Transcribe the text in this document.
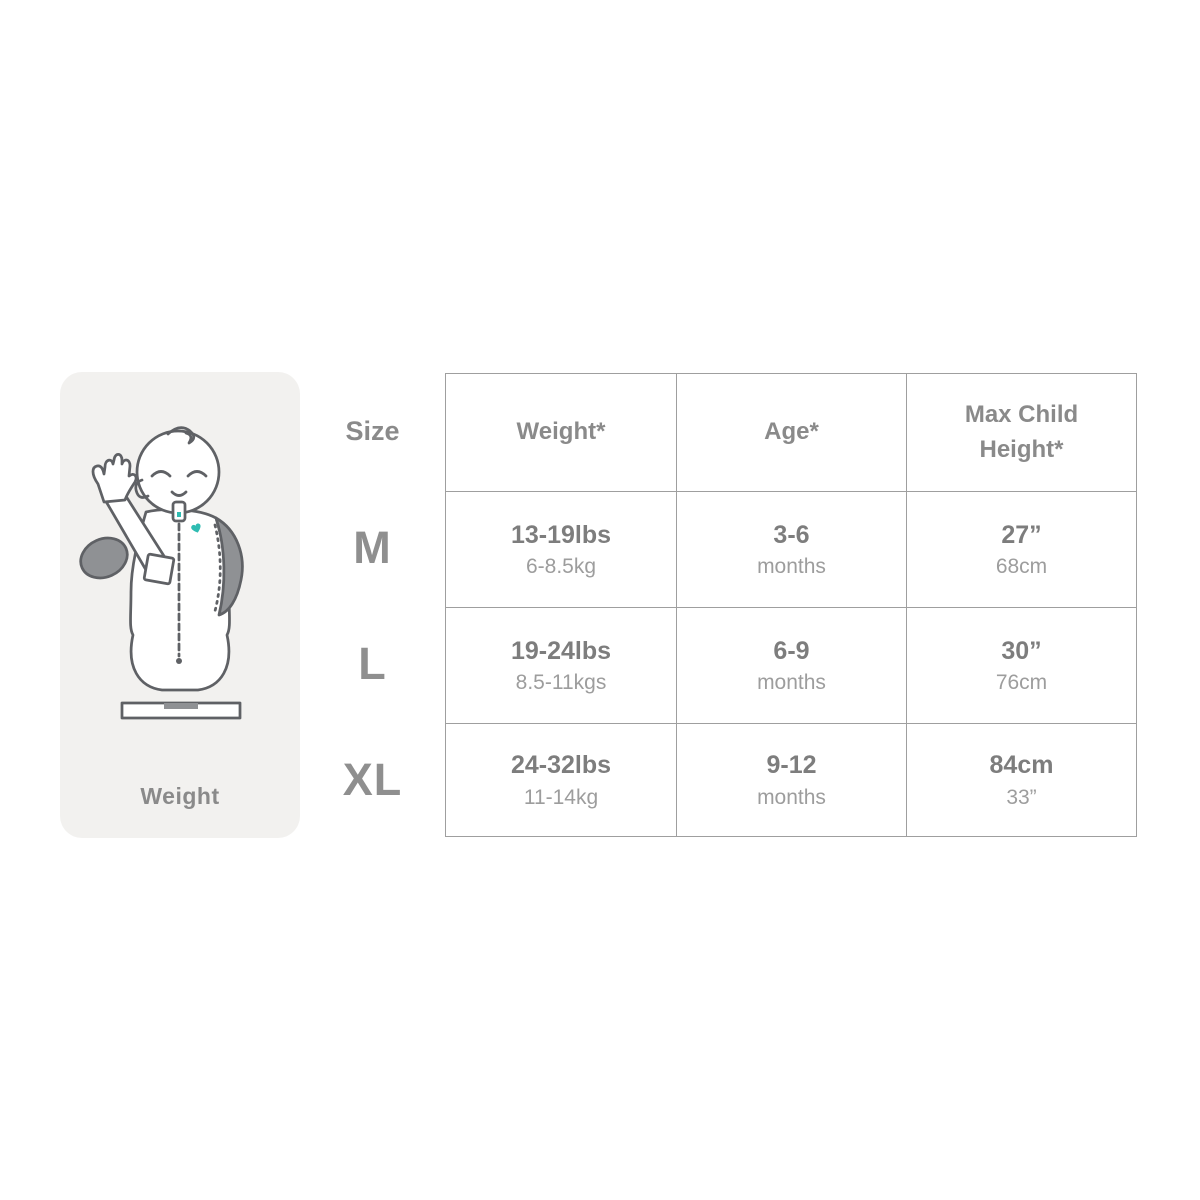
Weight
Size
M
L
XL
Weight*	Age*
Max Child Height*
13-19lbs
6-8.5kg
3-6
months
27”
68cm
19-24lbs
8.5-11kgs
6-9
months
30”
76cm
24-32lbs
11-14kg
9-12
months
84cm
33”
